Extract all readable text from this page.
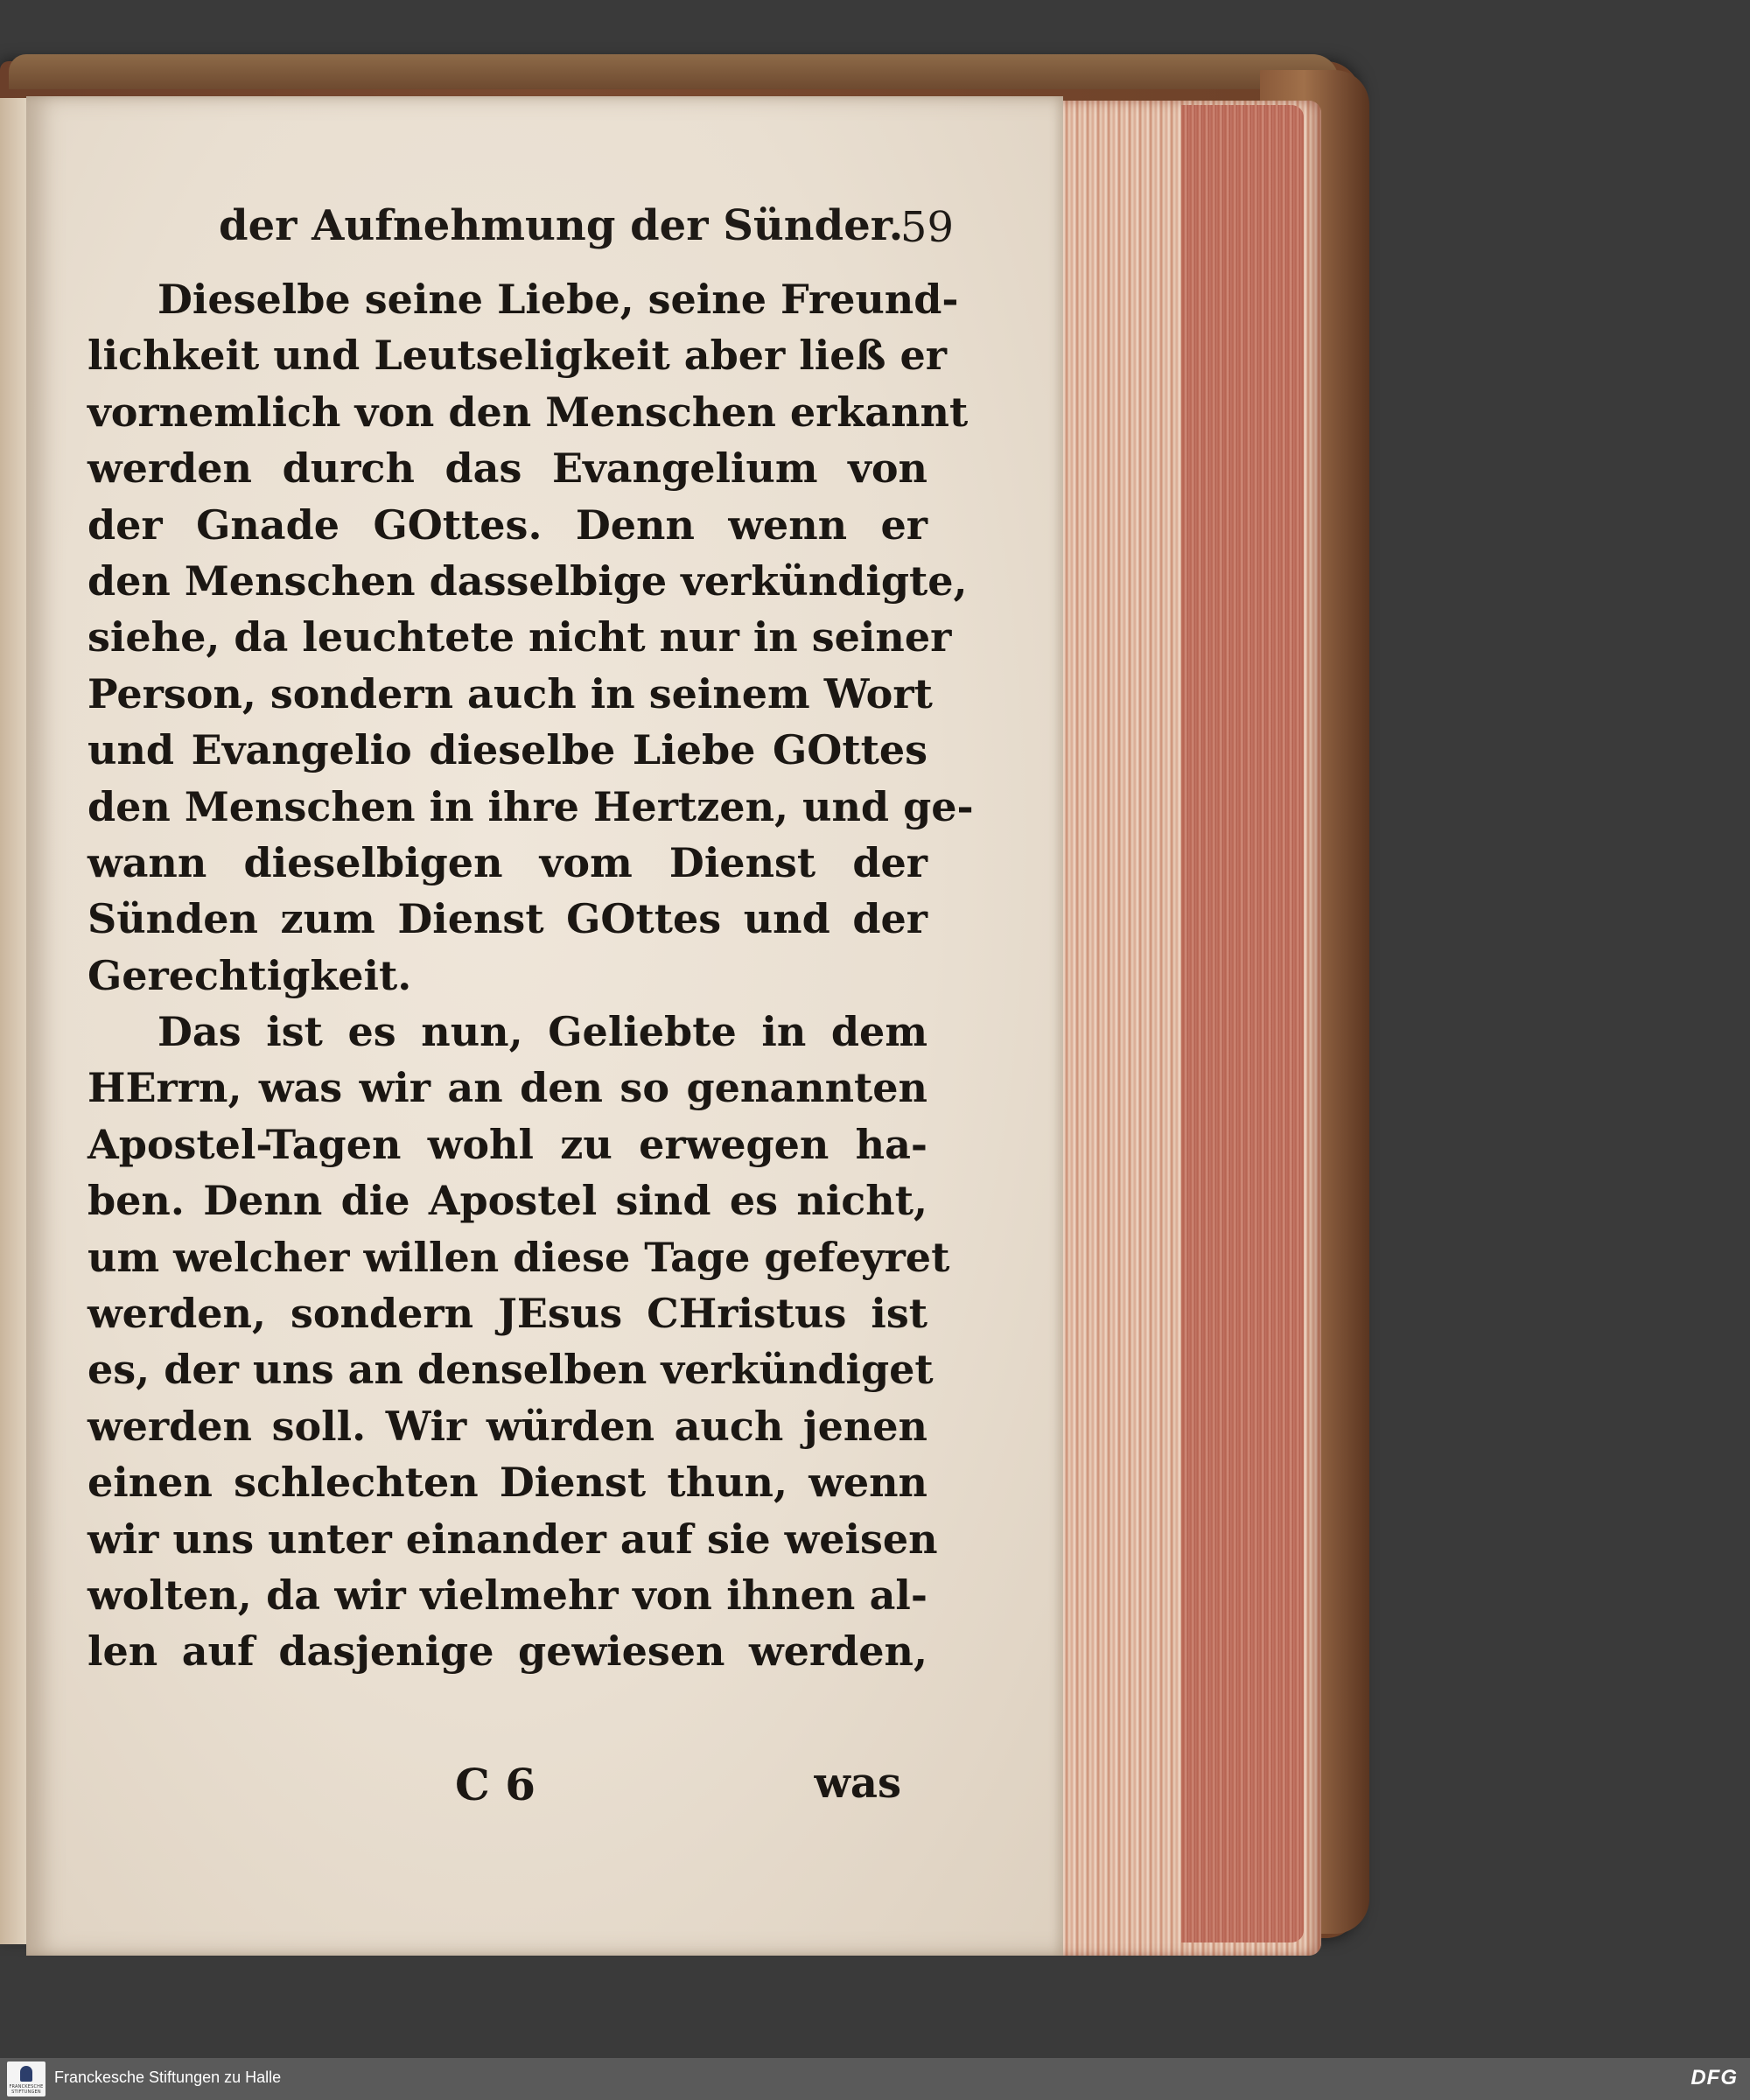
der Aufnehmung der Sünder.
59
Dieselbe seine Liebe, seine Freund-
lichkeit und Leutseligkeit aber ließ er
vornemlich von den Menschen erkannt
werden durch das Evangelium von
der Gnade GOttes. Denn wenn er
den Menschen dasselbige verkündigte,
siehe, da leuchtete nicht nur in seiner
Person, sondern auch in seinem Wort
und Evangelio dieselbe Liebe GOttes
den Menschen in ihre Hertzen, und ge-
wann dieselbigen vom Dienst der
Sünden zum Dienst GOttes und der
Gerechtigkeit.
Das ist es nun, Geliebte in dem
HErrn, was wir an den so genannten
Apostel-Tagen wohl zu erwegen ha-
ben. Denn die Apostel sind es nicht,
um welcher willen diese Tage gefeyret
werden, sondern JEsus CHristus ist
es, der uns an denselben verkündiget
werden soll. Wir würden auch jenen
einen schlechten Dienst thun, wenn
wir uns unter einander auf sie weisen
wolten, da wir vielmehr von ihnen al-
len auf dasjenige gewiesen werden,
C 6	was
FRANCKESCHE STIFTUNGEN
Franckesche Stiftungen zu Halle	DFG
